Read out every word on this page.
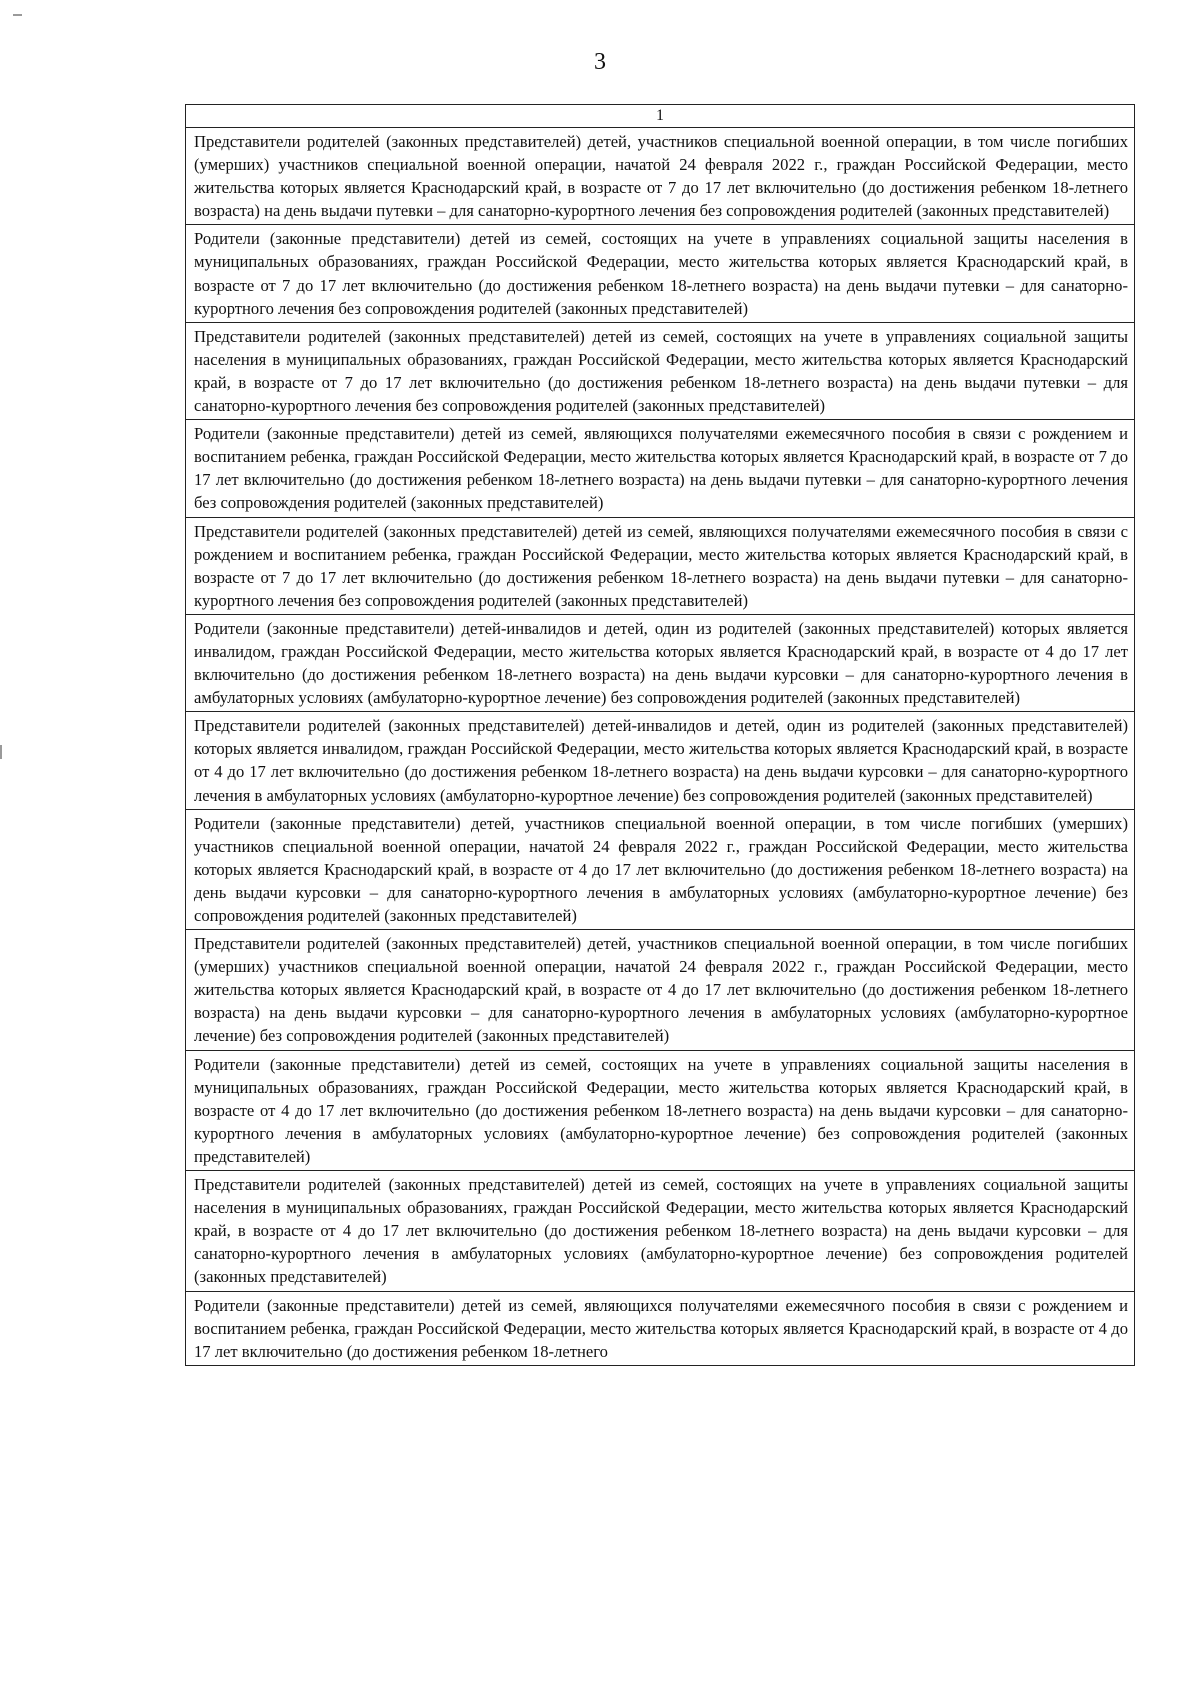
3
1
Представители родителей (законных представителей) детей, участников специальной военной операции, в том числе погибших (умерших) участников специальной военной операции, начатой 24 февраля 2022 г., граждан Российской Федерации, место жительства которых является Краснодарский край, в возрасте от 7 до 17 лет включительно (до достижения ребенком 18-летнего возраста) на день выдачи путевки – для санаторно-курортного лечения без сопровождения родителей (законных представителей)
Родители (законные представители) детей из семей, состоящих на учете в управлениях социальной защиты населения в муниципальных образованиях, граждан Российской Федерации, место жительства которых является Краснодарский край, в возрасте от 7 до 17 лет включительно (до достижения ребенком 18-летнего возраста) на день выдачи путевки – для санаторно-курортного лечения без сопровождения родителей (законных представителей)
Представители родителей (законных представителей) детей из семей, состоящих на учете в управлениях социальной защиты населения в муниципальных образованиях, граждан Российской Федерации, место жительства которых является Краснодарский край, в возрасте от 7 до 17 лет включительно (до достижения ребенком 18-летнего возраста) на день выдачи путевки – для санаторно-курортного лечения без сопровождения родителей (законных представителей)
Родители (законные представители) детей из семей, являющихся получателями ежемесячного пособия в связи с рождением и воспитанием ребенка, граждан Российской Федерации, место жительства которых является Краснодарский край, в возрасте от 7 до 17 лет включительно (до достижения ребенком 18-летнего возраста) на день выдачи путевки – для санаторно-курортного лечения без сопровождения родителей (законных представителей)
Представители родителей (законных представителей) детей из семей, являющихся получателями ежемесячного пособия в связи с рождением и воспитанием ребенка, граждан Российской Федерации, место жительства которых является Краснодарский край, в возрасте от 7 до 17 лет включительно (до достижения ребенком 18-летнего возраста) на день выдачи путевки – для санаторно-курортного лечения без сопровождения родителей (законных представителей)
Родители (законные представители) детей-инвалидов и детей, один из родителей (законных представителей) которых является инвалидом, граждан Российской Федерации, место жительства которых является Краснодарский край, в возрасте от 4 до 17 лет включительно (до достижения ребенком 18-летнего возраста) на день выдачи курсовки – для санаторно-курортного лечения в амбулаторных условиях (амбулаторно-курортное лечение) без сопровождения родителей (законных представителей)
Представители родителей (законных представителей) детей-инвалидов и детей, один из родителей (законных представителей) которых является инвалидом, граждан Российской Федерации, место жительства которых является Краснодарский край, в возрасте от 4 до 17 лет включительно (до достижения ребенком 18-летнего возраста) на день выдачи курсовки – для санаторно-курортного лечения в амбулаторных условиях (амбулаторно-курортное лечение) без сопровождения родителей (законных представителей)
Родители (законные представители) детей, участников специальной военной операции, в том числе погибших (умерших) участников специальной военной операции, начатой 24 февраля 2022 г., граждан Российской Федерации, место жительства которых является Краснодарский край, в возрасте от 4 до 17 лет включительно (до достижения ребенком 18-летнего возраста) на день выдачи курсовки – для санаторно-курортного лечения в амбулаторных условиях (амбулаторно-курортное лечение) без сопровождения родителей (законных представителей)
Представители родителей (законных представителей) детей, участников специальной военной операции, в том числе погибших (умерших) участников специальной военной операции, начатой 24 февраля 2022 г., граждан Российской Федерации, место жительства которых является Краснодарский край, в возрасте от 4 до 17 лет включительно (до достижения ребенком 18-летнего возраста) на день выдачи курсовки – для санаторно-курортного лечения в амбулаторных условиях (амбулаторно-курортное лечение) без сопровождения родителей (законных представителей)
Родители (законные представители) детей из семей, состоящих на учете в управлениях социальной защиты населения в муниципальных образованиях, граждан Российской Федерации, место жительства которых является Краснодарский край, в возрасте от 4 до 17 лет включительно (до достижения ребенком 18-летнего возраста) на день выдачи курсовки – для санаторно-курортного лечения в амбулаторных условиях (амбулаторно-курортное лечение) без сопровождения родителей (законных представителей)
Представители родителей (законных представителей) детей из семей, состоящих на учете в управлениях социальной защиты населения в муниципальных образованиях, граждан Российской Федерации, место жительства которых является Краснодарский край, в возрасте от 4 до 17 лет включительно (до достижения ребенком 18-летнего возраста) на день выдачи курсовки – для санаторно-курортного лечения в амбулаторных условиях (амбулаторно-курортное лечение) без сопровождения родителей (законных представителей)
Родители (законные представители) детей из семей, являющихся получателями ежемесячного пособия в связи с рождением и воспитанием ребенка, граждан Российской Федерации, место жительства которых является Краснодарский край, в возрасте от 4 до 17 лет включительно (до достижения ребенком 18-летнего
